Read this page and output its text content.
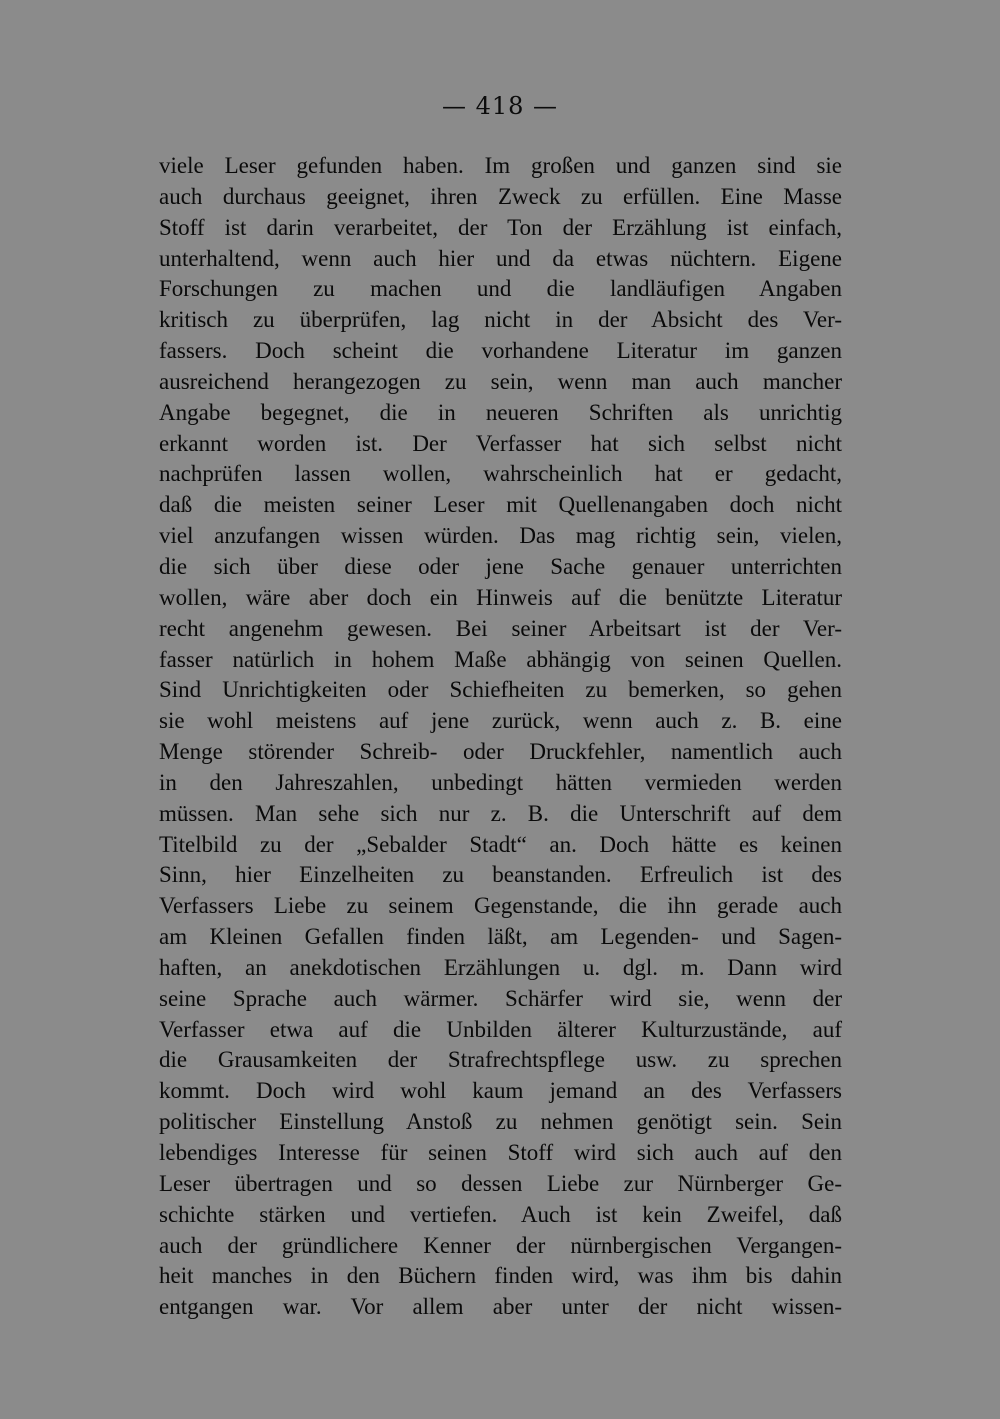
— 418 —
viele Leser gefunden haben. Im großen und ganzen sind sie
auch durchaus geeignet, ihren Zweck zu erfüllen. Eine Masse
Stoff ist darin verarbeitet, der Ton der Erzählung ist einfach,
unterhaltend, wenn auch hier und da etwas nüchtern. Eigene
Forschungen zu machen und die landläufigen Angaben
kritisch zu überprüfen, lag nicht in der Absicht des Ver-
fassers. Doch scheint die vorhandene Literatur im ganzen
ausreichend herangezogen zu sein, wenn man auch mancher
Angabe begegnet, die in neueren Schriften als unrichtig
erkannt worden ist. Der Verfasser hat sich selbst nicht
nachprüfen lassen wollen, wahrscheinlich hat er gedacht,
daß die meisten seiner Leser mit Quellenangaben doch nicht
viel anzufangen wissen würden. Das mag richtig sein, vielen,
die sich über diese oder jene Sache genauer unterrichten
wollen, wäre aber doch ein Hinweis auf die benützte Literatur
recht angenehm gewesen. Bei seiner Arbeitsart ist der Ver-
fasser natürlich in hohem Maße abhängig von seinen Quellen.
Sind Unrichtigkeiten oder Schiefheiten zu bemerken, so gehen
sie wohl meistens auf jene zurück, wenn auch z. B. eine
Menge störender Schreib- oder Druckfehler, namentlich auch
in den Jahreszahlen, unbedingt hätten vermieden werden
müssen. Man sehe sich nur z. B. die Unterschrift auf dem
Titelbild zu der „Sebalder Stadt“ an. Doch hätte es keinen
Sinn, hier Einzelheiten zu beanstanden. Erfreulich ist des
Verfassers Liebe zu seinem Gegenstande, die ihn gerade auch
am Kleinen Gefallen finden läßt, am Legenden- und Sagen-
haften, an anekdotischen Erzählungen u. dgl. m. Dann wird
seine Sprache auch wärmer. Schärfer wird sie, wenn der
Verfasser etwa auf die Unbilden älterer Kulturzustände, auf
die Grausamkeiten der Strafrechtspflege usw. zu sprechen
kommt. Doch wird wohl kaum jemand an des Verfassers
politischer Einstellung Anstoß zu nehmen genötigt sein. Sein
lebendiges Interesse für seinen Stoff wird sich auch auf den
Leser übertragen und so dessen Liebe zur Nürnberger Ge-
schichte stärken und vertiefen. Auch ist kein Zweifel, daß
auch der gründlichere Kenner der nürnbergischen Vergangen-
heit manches in den Büchern finden wird, was ihm bis dahin
entgangen war. Vor allem aber unter der nicht wissen-
